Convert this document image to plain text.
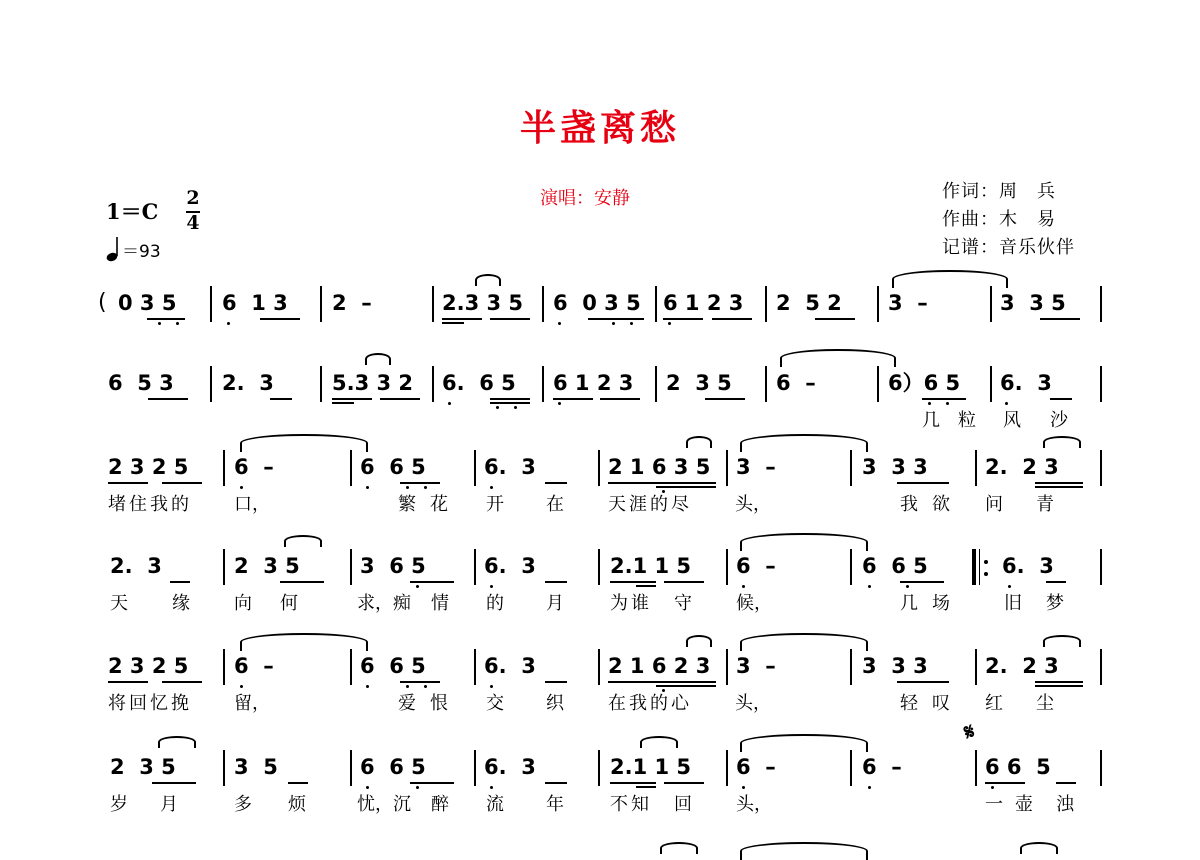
半盏离愁
演唱：安静
1＝C
2
4
＝93
作词：周　兵
作曲：木　易
记谱：音乐伙伴
( 0 3 5 6  1 3 2  –	2.3 3 5 6  0 3 5 6 1 2 3 2  5 2 3  –	3  3 5
6  5 3 2.  3	5.3 3 2 6.  6 5 6 1 2 3 2  3 5 6  –	6）6 5 6.  3
几 粒 风 沙
2 3 2 5 6  –	6  6 5	6.  3	2 1 6 3 5 3  –	3  3 3	2.  2 3
堵住我的 口，	繁 花 开 在 天涯的尽 头，	我 欲 问 青
2.  3	2  3 5	3  6 5	6.  3	2.1 1 5 6  –	6  6 5	6.  3
天 缘 向 何	求，痴 情 的 月	为谁 守 候，	几 场	旧 梦
2 3 2 5 6  –	6  6 5	6.  3	2 1 6 2 3 3  –	3  3 3	2.  2 3
将回忆挽 留，	爱 恨 交 织 在我的心 头，	轻 叹 红 尘
2  3 5	3  5	6  6 5	6.  3	2.1 1 5 6  –	6  –	6 6  5
𝄋
岁 月	多 烦	忧，沉 醉 流 年	不知 回 头，	一 壶 浊
